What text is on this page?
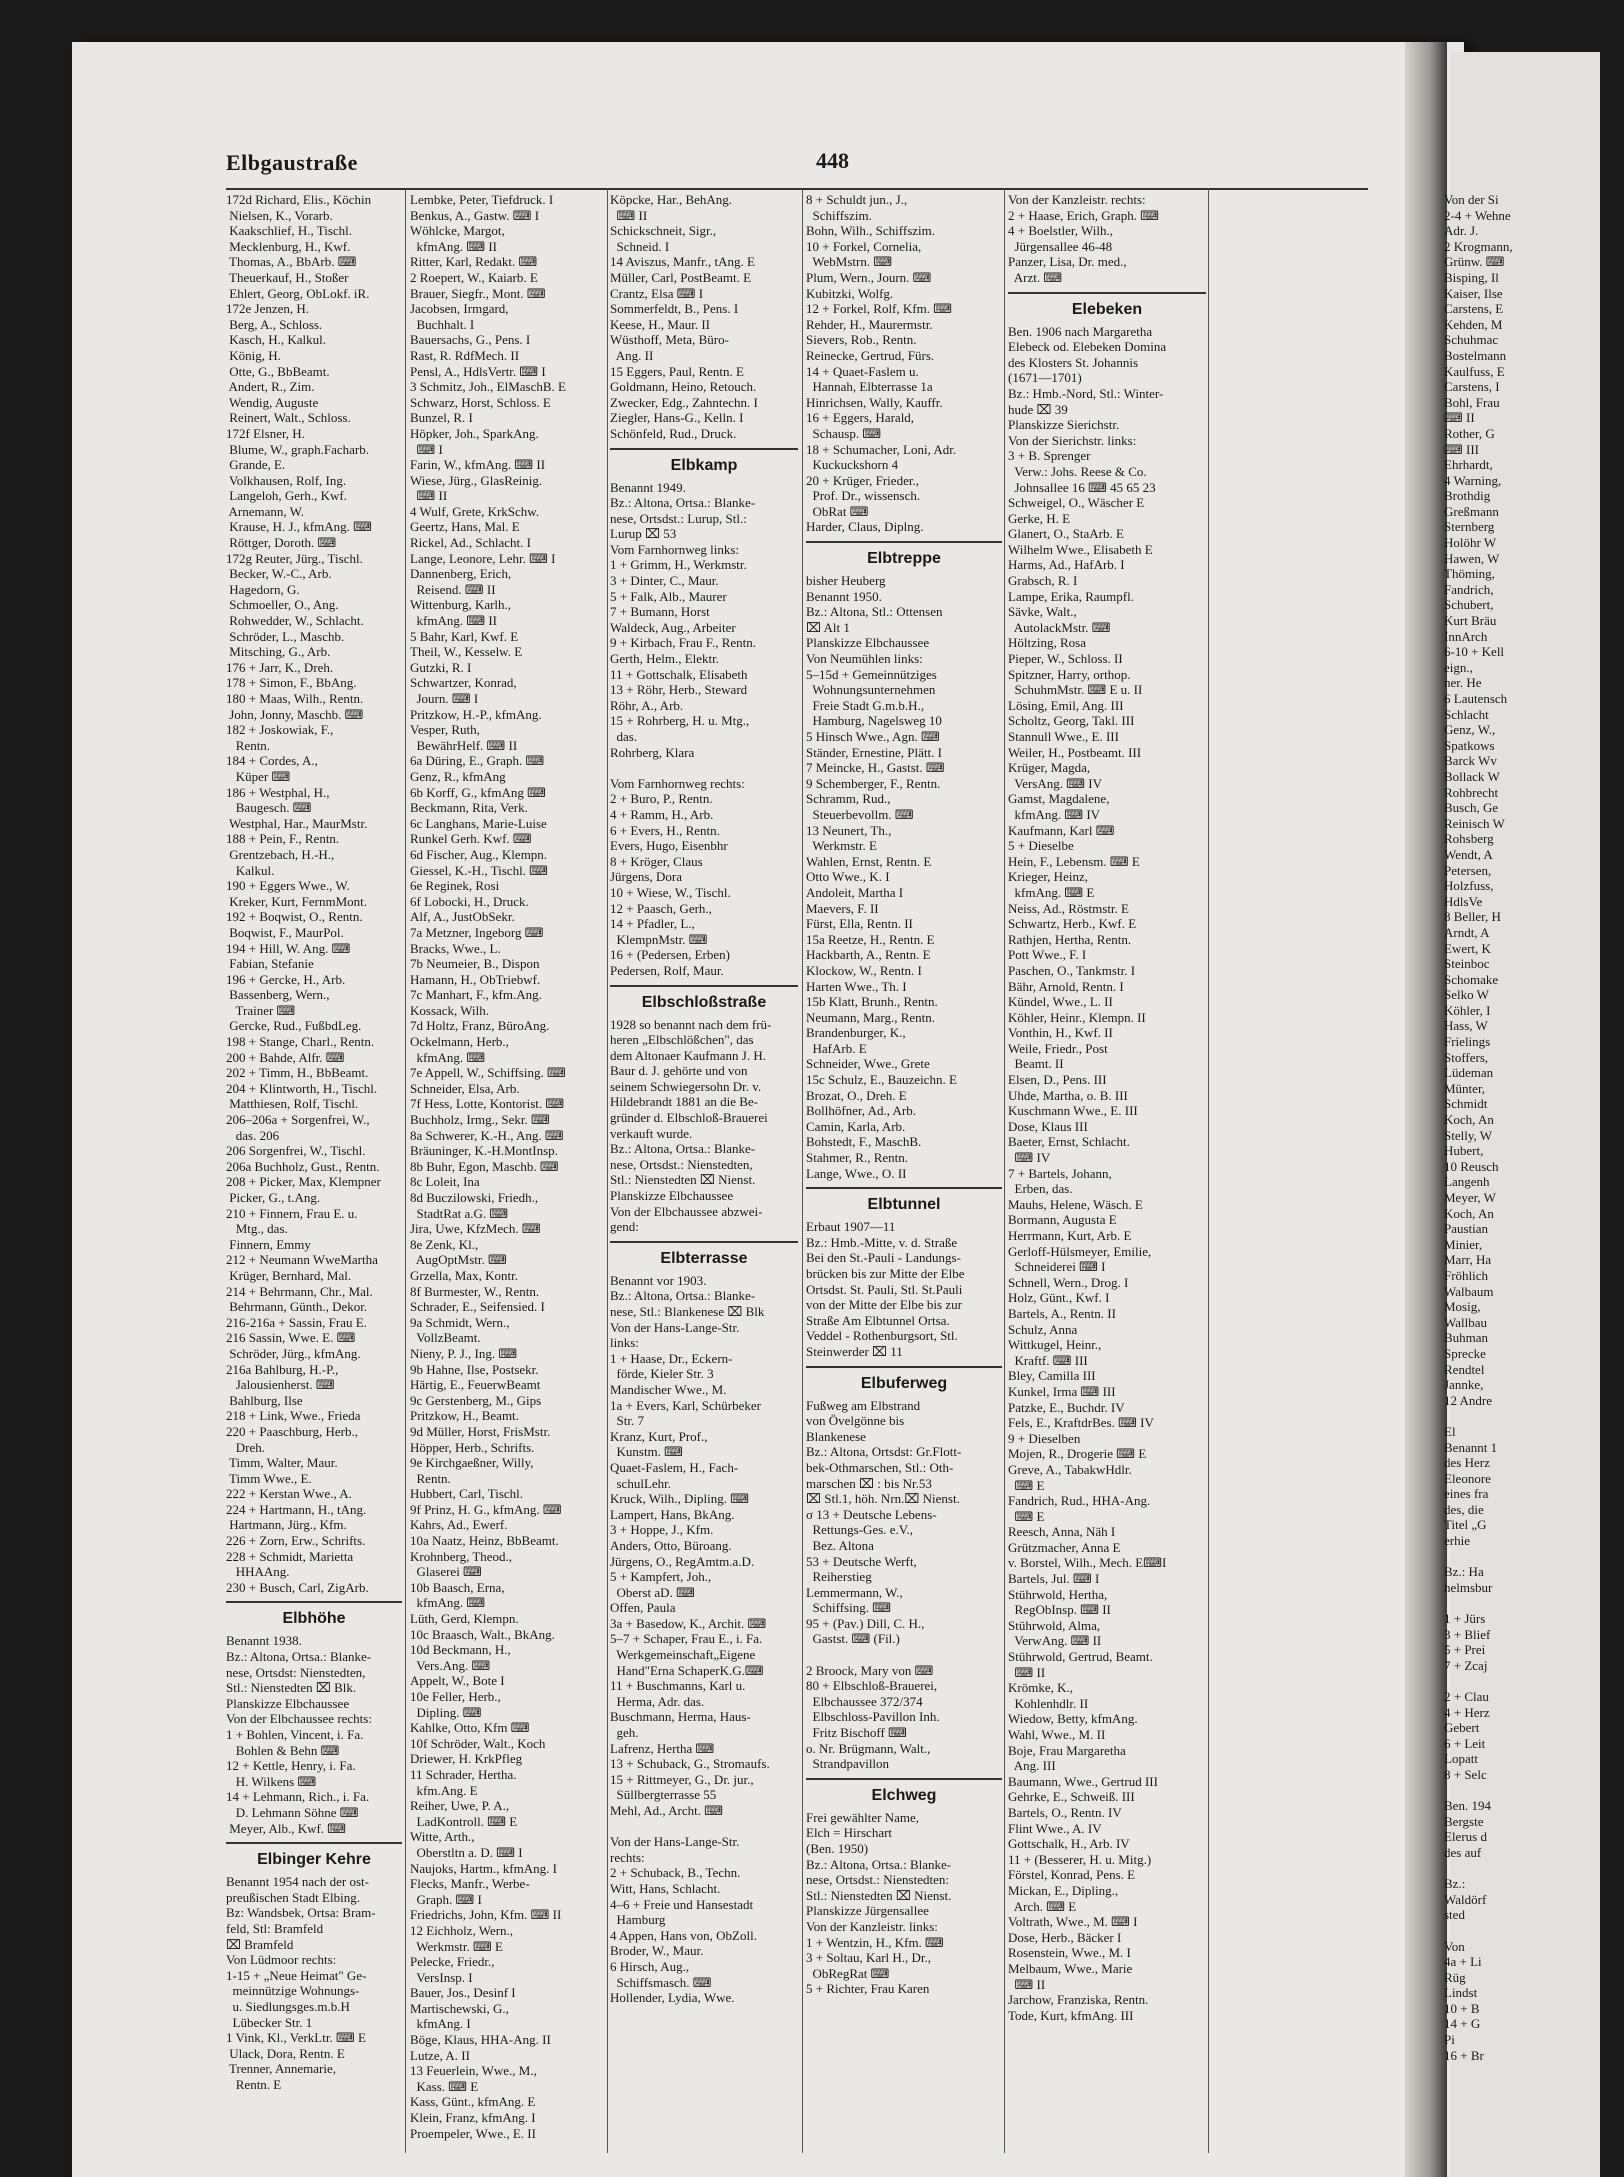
Von der Si
2-4 + Wehne
Adr. J.
2 Krogmann,
Grünw. ⌨
Bisping, Il
Kaiser, Ilse
Carstens, E
Kehden, M
Schuhmac
Bostelmann
Kaulfuss, E
Carstens, I
Bohl, Frau
⌨ II
Rother, G
⌨ III
Ehrhardt,
4 Warning,
Brothdig
Greßmann
Sternberg
Holöhr W
Hawen, W
Thöming,
Fandrich,
Schubert,
Kurt Bräu
InnArch
6-10 + Kell
eign.,
ner. He
6 Lautensch
Schlacht
Genz, W.,
Spatkows
Barck Wv
Bollack W
Rohbrecht
Busch, Ge
Reinisch W
Rohsberg
Wendt, A
Petersen,
Holzfuss,
HdlsVe
8 Beller, H
Arndt, A
Ewert, K
Steinboc
Schomake
Selko W
Köhler, I
Hass, W
Frielings
Stoffers,
Lüdeman
Münter,
Schmidt
Koch, An
Stelly, W
Hubert,
10 Reusch
Langenh
Meyer, W
Koch, An
Paustian
Minier,
Marr, Ha
Fröhlich
Walbaum
Mosig,
Wallbau
Buhman
Sprecke
Rendtel
Jannke,
12 Andre

El
Benannt 1
des Herz
Eleonore
eines fra
des, die
Titel „G
erhie

Bz.: Ha
helmsbur

1 + Jürs
3 + Blief
5 + Prei
7 + Zcaj

2 + Clau
4 + Herz
Gebert
6 + Leit
Lopatt
8 + Selc

Ben. 194
Bergste
Elerus d
des auf

Bz.:
Waldörf
sted

Von
4a + Li
Rüg
Lindst
10 + B
14 + G
Pi
16 + Br
Elbgaustraße	448
172d Richard, Elis., Köchin
Nielsen, K., Vorarb.
Kaakschlief, H., Tischl.
Mecklenburg, H., Kwf.
Thomas, A., BbArb. ⌨
Theuerkauf, H., Stoßer
Ehlert, Georg, ObLokf. iR.
172e Jenzen, H.
Berg, A., Schloss.
Kasch, H., Kalkul.
König, H.
Otte, G., BbBeamt.
Andert, R., Zim.
Wendig, Auguste
Reinert, Walt., Schloss.
172f Elsner, H.
Blume, W., graph.Facharb.
Grande, E.
Volkhausen, Rolf, Ing.
Langeloh, Gerh., Kwf.
Arnemann, W.
Krause, H. J., kfmAng. ⌨
Röttger, Doroth. ⌨
172g Reuter, Jürg., Tischl.
Becker, W.-C., Arb.
Hagedorn, G.
Schmoeller, O., Ang.
Rohwedder, W., Schlacht.
Schröder, L., Maschb.
Mitsching, G., Arb.
176 + Jarr, K., Dreh.
178 + Simon, F., BbAng.
180 + Maas, Wilh., Rentn.
John, Jonny, Maschb. ⌨
182 + Joskowiak, F.,
Rentn.
184 + Cordes, A.,
Küper ⌨
186 + Westphal, H.,
Baugesch. ⌨
Westphal, Har., MaurMstr.
188 + Pein, F., Rentn.
Grentzebach, H.-H.,
Kalkul.
190 + Eggers Wwe., W.
Kreker, Kurt, FernmMont.
192 + Boqwist, O., Rentn.
Boqwist, F., MaurPol.
194 + Hill, W. Ang. ⌨
Fabian, Stefanie
196 + Gercke, H., Arb.
Bassenberg, Wern.,
Trainer ⌨
Gercke, Rud., FußbdLeg.
198 + Stange, Charl., Rentn.
200 + Bahde, Alfr. ⌨
202 + Timm, H., BbBeamt.
204 + Klintworth, H., Tischl.
Matthiesen, Rolf, Tischl.
206–206a + Sorgenfrei, W.,
das. 206
206 Sorgenfrei, W., Tischl.
206a Buchholz, Gust., Rentn.
208 + Picker, Max, Klempner
Picker, G., t.Ang.
210 + Finnern, Frau E. u.
Mtg., das.
Finnern, Emmy
212 + Neumann WweMartha
Krüger, Bernhard, Mal.
214 + Behrmann, Chr., Mal.
Behrmann, Günth., Dekor.
216-216a + Sassin, Frau E.
216 Sassin, Wwe. E. ⌨
Schröder, Jürg., kfmAng.
216a Bahlburg, H.-P.,
Jalousienherst. ⌨
Bahlburg, Ilse
218 + Link, Wwe., Frieda
220 + Paaschburg, Herb.,
Dreh.
Timm, Walter, Maur.
Timm Wwe., E.
222 + Kerstan Wwe., A.
224 + Hartmann, H., tAng.
Hartmann, Jürg., Kfm.
226 + Zorn, Erw., Schrifts.
228 + Schmidt, Marietta
HHAAng.
230 + Busch, Carl, ZigArb.
Elbhöhe
Benannt 1938.
Bz.: Altona, Ortsa.: Blanke-
nese, Ortsdst: Nienstedten,
Stl.: Nienstedten ⌧ Blk.
Planskizze Elbchaussee
Von der Elbchaussee rechts:
1 + Bohlen, Vincent, i. Fa.
Bohlen & Behn ⌨
12 + Kettle, Henry, i. Fa.
H. Wilkens ⌨
14 + Lehmann, Rich., i. Fa.
D. Lehmann Söhne ⌨
Meyer, Alb., Kwf. ⌨
Elbinger Kehre
Benannt 1954 nach der ost-
preußischen Stadt Elbing.
Bz: Wandsbek, Ortsa: Bram-
feld, Stl: Bramfeld
⌧ Bramfeld
Von Lüdmoor rechts:
1-15 + „Neue Heimat" Ge-
meinnützige Wohnungs-
u. Siedlungsges.m.b.H
Lübecker Str. 1
1 Vink, Kl., VerkLtr. ⌨ E
Ulack, Dora, Rentn. E
Trenner, Annemarie,
Rentn. E
Lembke, Peter, Tiefdruck. I
Benkus, A., Gastw. ⌨ I
Wöhlcke, Margot,
kfmAng. ⌨ II
Ritter, Karl, Redakt. ⌨
2 Roepert, W., Kaiarb. E
Brauer, Siegfr., Mont. ⌨
Jacobsen, Irmgard,
Buchhalt. I
Bauersachs, G., Pens. I
Rast, R. RdfMech. II
Pensl, A., HdlsVertr. ⌨ I
3 Schmitz, Joh., ElMaschB. E
Schwarz, Horst, Schloss. E
Bunzel, R. I
Höpker, Joh., SparkAng.
⌨ I
Farin, W., kfmAng. ⌨ II
Wiese, Jürg., GlasReinig.
⌨ II
4 Wulf, Grete, KrkSchw.
Geertz, Hans, Mal. E
Rickel, Ad., Schlacht. I
Lange, Leonore, Lehr. ⌨ I
Dannenberg, Erich,
Reisend. ⌨ II
Wittenburg, Karlh.,
kfmAng. ⌨ II
5 Bahr, Karl, Kwf. E
Theil, W., Kesselw. E
Gutzki, R. I
Schwartzer, Konrad,
Journ. ⌨ I
Pritzkow, H.-P., kfmAng.
Vesper, Ruth,
BewährHelf. ⌨ II
6a Düring, E., Graph. ⌨
Genz, R., kfmAng
6b Korff, G., kfmAng ⌨
Beckmann, Rita, Verk.
6c Langhans, Marie-Luise
Runkel Gerh. Kwf. ⌨
6d Fischer, Aug., Klempn.
Giessel, K.-H., Tischl. ⌨
6e Reginek, Rosi
6f Lobocki, H., Druck.
Alf, A., JustObSekr.
7a Metzner, Ingeborg ⌨
Bracks, Wwe., L.
7b Neumeier, B., Dispon
Hamann, H., ObTriebwf.
7c Manhart, F., kfm.Ang.
Kossack, Wilh.
7d Holtz, Franz, BüroAng.
Ockelmann, Herb.,
kfmAng. ⌨
7e Appell, W., Schiffsing. ⌨
Schneider, Elsa, Arb.
7f Hess, Lotte, Kontorist. ⌨
Buchholz, Irmg., Sekr. ⌨
8a Schwerer, K.-H., Ang. ⌨
Bräuninger, K.-H.MontInsp.
8b Buhr, Egon, Maschb. ⌨
8c Loleit, Ina
8d Buczilowski, Friedh.,
StadtRat a.G. ⌨
Jira, Uwe, KfzMech. ⌨
8e Zenk, Kl.,
AugOptMstr. ⌨
Grzella, Max, Kontr.
8f Burmester, W., Rentn.
Schrader, E., Seifensied. I
9a Schmidt, Wern.,
VollzBeamt.
Nieny, P. J., Ing. ⌨
9b Hahne, Ilse, Postsekr.
Härtig, E., FeuerwBeamt
9c Gerstenberg, M., Gips
Pritzkow, H., Beamt.
9d Müller, Horst, FrisMstr.
Höpper, Herb., Schrifts.
9e Kirchgaeßner, Willy,
Rentn.
Hubbert, Carl, Tischl.
9f Prinz, H. G., kfmAng. ⌨
Kahrs, Ad., Ewerf.
10a Naatz, Heinz, BbBeamt.
Krohnberg, Theod.,
Glaserei ⌨
10b Baasch, Erna,
kfmAng. ⌨
Lüth, Gerd, Klempn.
10c Braasch, Walt., BkAng.
10d Beckmann, H.,
Vers.Ang. ⌨
Appelt, W., Bote I
10e Feller, Herb.,
Dipling. ⌨
Kahlke, Otto, Kfm ⌨
10f Schröder, Walt., Koch
Driewer, H. KrkPfleg
11 Schrader, Hertha.
kfm.Ang. E
Reiher, Uwe, P. A.,
LadKontroll. ⌨ E
Witte, Arth.,
Oberstltn a. D. ⌨ I
Naujoks, Hartm., kfmAng. I
Flecks, Manfr., Werbe-
Graph. ⌨ I
Friedrichs, John, Kfm. ⌨ II
12 Eichholz, Wern.,
Werkmstr. ⌨ E
Pelecke, Friedr.,
VersInsp. I
Bauer, Jos., Desinf I
Martischewski, G.,
kfmAng. I
Böge, Klaus, HHA-Ang. II
Lutze, A. II
13 Feuerlein, Wwe., M.,
Kass. ⌨ E
Kass, Günt., kfmAng. E
Klein, Franz, kfmAng. I
Proempeler, Wwe., E. II
Köpcke, Har., BehAng.
⌨ II
Schickschneit, Sigr.,
Schneid. I
14 Aviszus, Manfr., tAng. E
Müller, Carl, PostBeamt. E
Crantz, Elsa ⌨ I
Sommerfeldt, B., Pens. I
Keese, H., Maur. II
Wüsthoff, Meta, Büro-
Ang. II
15 Eggers, Paul, Rentn. E
Goldmann, Heino, Retouch.
Zwecker, Edg., Zahntechn. I
Ziegler, Hans-G., Kelln. I
Schönfeld, Rud., Druck.
Elbkamp
Benannt 1949.
Bz.: Altona, Ortsa.: Blanke-
nese, Ortsdst.: Lurup, Stl.:
Lurup ⌧ 53
Vom Farnhornweg links:
1 + Grimm, H., Werkmstr.
3 + Dinter, C., Maur.
5 + Falk, Alb., Maurer
7 + Bumann, Horst
Waldeck, Aug., Arbeiter
9 + Kirbach, Frau F., Rentn.
Gerth, Helm., Elektr.
11 + Gottschalk, Elisabeth
13 + Röhr, Herb., Steward
Röhr, A., Arb.
15 + Rohrberg, H. u. Mtg.,
das.
Rohrberg, Klara

Vom Farnhornweg rechts:
2 + Buro, P., Rentn.
4 + Ramm, H., Arb.
6 + Evers, H., Rentn.
Evers, Hugo, Eisenbhr
8 + Kröger, Claus
Jürgens, Dora
10 + Wiese, W., Tischl.
12 + Paasch, Gerh.,
14 + Pfadler, L.,
KlempnMstr. ⌨
16 + (Pedersen, Erben)
Pedersen, Rolf, Maur.
Elbschloßstraße
1928 so benannt nach dem frü-
heren „Elbschlößchen", das
dem Altonaer Kaufmann J. H.
Baur d. J. gehörte und von
seinem Schwiegersohn Dr. v.
Hildebrandt 1881 an die Be-
gründer d. Elbschloß-Brauerei
verkauft wurde.
Bz.: Altona, Ortsa.: Blanke-
nese, Ortsdst.: Nienstedten,
Stl.: Nienstedten ⌧ Nienst.
Planskizze Elbchaussee
Von der Elbchaussee abzwei-
gend:
Elbterrasse
Benannt vor 1903.
Bz.: Altona, Ortsa.: Blanke-
nese, Stl.: Blankenese ⌧ Blk
Von der Hans-Lange-Str.
links:
1 + Haase, Dr., Eckern-
förde, Kieler Str. 3
Mandischer Wwe., M.
1a + Evers, Karl, Schürbeker
Str. 7
Kranz, Kurt, Prof.,
Kunstm. ⌨
Quaet-Faslem, H., Fach-
schulLehr.
Kruck, Wilh., Dipling. ⌨
Lampert, Hans, BkAng.
3 + Hoppe, J., Kfm.
Anders, Otto, Büroang.
Jürgens, O., RegAmtm.a.D.
5 + Kampfert, Joh.,
Oberst aD. ⌨
Offen, Paula
3a + Basedow, K., Archit. ⌨
5–7 + Schaper, Frau E., i. Fa.
Werkgemeinschaft„Eigene
Hand"Erna SchaperK.G.⌨
11 + Buschmanns, Karl u.
Herma, Adr. das.
Buschmann, Herma, Haus-
geh.
Lafrenz, Hertha ⌨
13 + Schuback, G., Stromaufs.
15 + Rittmeyer, G., Dr. jur.,
Süllbergterrasse 55
Mehl, Ad., Archt. ⌨

Von der Hans-Lange-Str.
rechts:
2 + Schuback, B., Techn.
Witt, Hans, Schlacht.
4–6 + Freie und Hansestadt
Hamburg
4 Appen, Hans von, ObZoll.
Broder, W., Maur.
6 Hirsch, Aug.,
Schiffsmasch. ⌨
Hollender, Lydia, Wwe.
8 + Schuldt jun., J.,
Schiffszim.
Bohn, Wilh., Schiffszim.
10 + Forkel, Cornelia,
WebMstrn. ⌨
Plum, Wern., Journ. ⌨
Kubitzki, Wolfg.
12 + Forkel, Rolf, Kfm. ⌨
Rehder, H., Maurermstr.
Sievers, Rob., Rentn.
Reinecke, Gertrud, Fürs.
14 + Quaet-Faslem u.
Hannah, Elbterrasse 1a
Hinrichsen, Wally, Kauffr.
16 + Eggers, Harald,
Schausp. ⌨
18 + Schumacher, Loni, Adr.
Kuckuckshorn 4
20 + Krüger, Frieder.,
Prof. Dr., wissensch.
ObRat ⌨
Harder, Claus, Diplng.
Elbtreppe
bisher Heuberg
Benannt 1950.
Bz.: Altona, Stl.: Ottensen
⌧ Alt 1
Planskizze Elbchaussee
Von Neumühlen links:
5–15d + Gemeinnütziges
Wohnungsunternehmen
Freie Stadt G.m.b.H.,
Hamburg, Nagelsweg 10
5 Hinsch Wwe., Agn. ⌨
Ständer, Ernestine, Plätt. I
7 Meincke, H., Gastst. ⌨
9 Schemberger, F., Rentn.
Schramm, Rud.,
Steuerbevollm. ⌨
13 Neunert, Th.,
Werkmstr. E
Wahlen, Ernst, Rentn. E
Otto Wwe., K. I
Andoleit, Martha I
Maevers, F. II
Fürst, Ella, Rentn. II
15a Reetze, H., Rentn. E
Hackbarth, A., Rentn. E
Klockow, W., Rentn. I
Harten Wwe., Th. I
15b Klatt, Brunh., Rentn.
Neumann, Marg., Rentn.
Brandenburger, K.,
HafArb. E
Schneider, Wwe., Grete
15c Schulz, E., Bauzeichn. E
Brozat, O., Dreh. E
Bollhöfner, Ad., Arb.
Camin, Karla, Arb.
Bohstedt, F., MaschB.
Stahmer, R., Rentn.
Lange, Wwe., O. II
Elbtunnel
Erbaut 1907—11
Bz.: Hmb.-Mitte, v. d. Straße
Bei den St.-Pauli - Landungs-
brücken bis zur Mitte der Elbe
Ortsdst. St. Pauli, Stl. St.Pauli
von der Mitte der Elbe bis zur
Straße Am Elbtunnel Ortsa.
Veddel - Rothenburgsort, Stl.
Steinwerder ⌧ 11
Elbuferweg
Fußweg am Elbstrand
von Övelgönne bis
Blankenese
Bz.: Altona, Ortsdst: Gr.Flott-
bek-Othmarschen, Stl.: Oth-
marschen ⌧ : bis Nr.53
⌧ Stl.1, höh. Nrn.⌧ Nienst.
σ 13 + Deutsche Lebens-
Rettungs-Ges. e.V.,
Bez. Altona
53 + Deutsche Werft,
Reiherstieg
Lemmermann, W.,
Schiffsing. ⌨
95 + (Pav.) Dill, C. H.,
Gastst. ⌨ (Fil.)

2 Broock, Mary von ⌨
80 + Elbschloß-Brauerei,
Elbchaussee 372/374
Elbschloss-Pavillon Inh.
Fritz Bischoff ⌨
o. Nr. Brügmann, Walt.,
Strandpavillon
Elchweg
Frei gewählter Name,
Elch = Hirschart
(Ben. 1950)
Bz.: Altona, Ortsa.: Blanke-
nese, Ortsdst.: Nienstedten:
Stl.: Nienstedten ⌧ Nienst.
Planskizze Jürgensallee
Von der Kanzleistr. links:
1 + Wentzin, H., Kfm. ⌨
3 + Soltau, Karl H., Dr.,
ObRegRat ⌨
5 + Richter, Frau Karen
Von der Kanzleistr. rechts:
2 + Haase, Erich, Graph. ⌨
4 + Boelstler, Wilh.,
Jürgensallee 46-48
Panzer, Lisa, Dr. med.,
Arzt. ⌨
Elebeken
Ben. 1906 nach Margaretha
Elebeck od. Elebeken Domina
des Klosters St. Johannis
(1671—1701)
Bz.: Hmb.-Nord, Stl.: Winter-
hude ⌧ 39
Planskizze Sierichstr.
Von der Sierichstr. links:
3 + B. Sprenger
Verw.: Johs. Reese & Co.
Johnsallee 16 ⌨ 45 65 23
Schweigel, O., Wäscher E
Gerke, H. E
Glanert, O., StaArb. E
Wilhelm Wwe., Elisabeth E
Harms, Ad., HafArb. I
Grabsch, R. I
Lampe, Erika, Raumpfl.
Sävke, Walt.,
AutolackMstr. ⌨
Höltzing, Rosa
Pieper, W., Schloss. II
Spitzner, Harry, orthop.
SchuhmMstr. ⌨ E u. II
Lösing, Emil, Ang. III
Scholtz, Georg, Takl. III
Stannull Wwe., E. III
Weiler, H., Postbeamt. III
Krüger, Magda,
VersAng. ⌨ IV
Gamst, Magdalene,
kfmAng. ⌨ IV
Kaufmann, Karl ⌨
5 + Dieselbe
Hein, F., Lebensm. ⌨ E
Krieger, Heinz,
kfmAng. ⌨ E
Neiss, Ad., Röstmstr. E
Schwartz, Herb., Kwf. E
Rathjen, Hertha, Rentn.
Pott Wwe., F. I
Paschen, O., Tankmstr. I
Bähr, Arnold, Rentn. I
Kündel, Wwe., L. II
Köhler, Heinr., Klempn. II
Vonthin, H., Kwf. II
Weile, Friedr., Post
Beamt. II
Elsen, D., Pens. III
Uhde, Martha, o. B. III
Kuschmann Wwe., E. III
Dose, Klaus III
Baeter, Ernst, Schlacht.
⌨ IV
7 + Bartels, Johann,
Erben, das.
Mauhs, Helene, Wäsch. E
Bormann, Augusta E
Herrmann, Kurt, Arb. E
Gerloff-Hülsmeyer, Emilie,
Schneiderei ⌨ I
Schnell, Wern., Drog. I
Holz, Günt., Kwf. I
Bartels, A., Rentn. II
Schulz, Anna
Wittkugel, Heinr.,
Kraftf. ⌨ III
Bley, Camilla III
Kunkel, Irma ⌨ III
Patzke, E., Buchdr. IV
Fels, E., KraftdrBes. ⌨ IV
9 + Dieselben
Mojen, R., Drogerie ⌨ E
Greve, A., TabakwHdlr.
⌨ E
Fandrich, Rud., HHA-Ang.
⌨ E
Reesch, Anna, Näh I
Grützmacher, Anna E
v. Borstel, Wilh., Mech. E⌨I
Bartels, Jul. ⌨ I
Stührwold, Hertha,
RegObInsp. ⌨ II
Stührwold, Alma,
VerwAng. ⌨ II
Stührwold, Gertrud, Beamt.
⌨ II
Krömke, K.,
Kohlenhdlr. II
Wiedow, Betty, kfmAng.
Wahl, Wwe., M. II
Boje, Frau Margaretha
Ang. III
Baumann, Wwe., Gertrud III
Gehrke, E., Schweiß. III
Bartels, O., Rentn. IV
Flint Wwe., A. IV
Gottschalk, H., Arb. IV
11 + (Besserer, H. u. Mitg.)
Förstel, Konrad, Pens. E
Mickan, E., Dipling.,
Arch. ⌨ E
Voltrath, Wwe., M. ⌨ I
Dose, Herb., Bäcker I
Rosenstein, Wwe., M. I
Melbaum, Wwe., Marie
⌨ II
Jarchow, Franziska, Rentn.
Tode, Kurt, kfmAng. III
